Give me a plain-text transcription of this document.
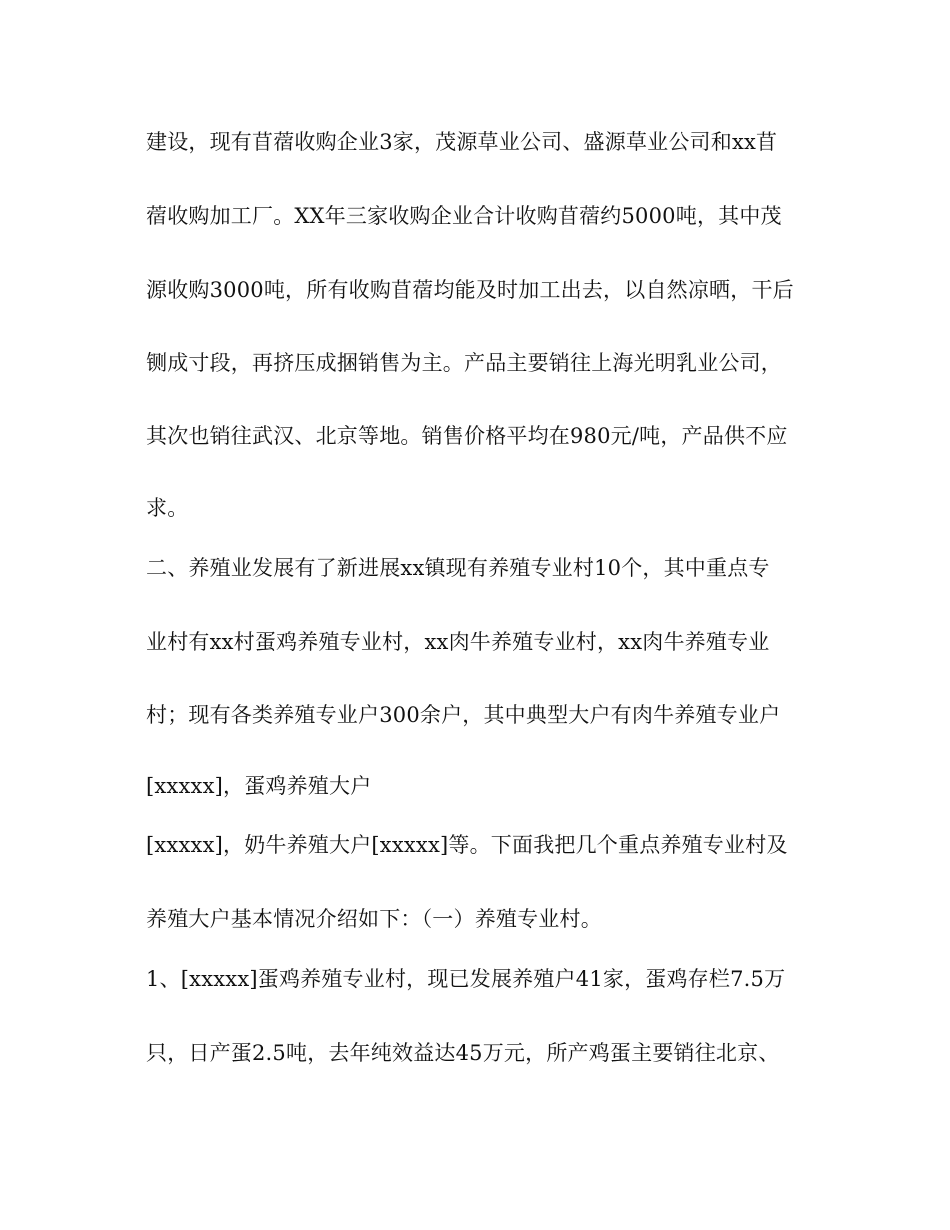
建设，现有苜蓿收购企业3家，茂源草业公司、盛源草业公司和xx苜
蓿收购加工厂。XX年三家收购企业合计收购苜蓿约5000吨，其中茂
源收购3000吨，所有收购苜蓿均能及时加工出去，以自然凉晒，干后
铡成寸段，再挤压成捆销售为主。产品主要销往上海光明乳业公司，
其次也销往武汉、北京等地。销售价格平均在980元/吨，产品供不应
求。
二、养殖业发展有了新进展xx镇现有养殖专业村10个，其中重点专
业村有xx村蛋鸡养殖专业村，xx肉牛养殖专业村，xx肉牛养殖专业
村；现有各类养殖专业户300余户，其中典型大户有肉牛养殖专业户
[xxxxx]，蛋鸡养殖大户
[xxxxx]，奶牛养殖大户[xxxxx]等。下面我把几个重点养殖专业村及
养殖大户基本情况介绍如下：（一）养殖专业村。
1、[xxxxx]蛋鸡养殖专业村，现已发展养殖户41家，蛋鸡存栏7.5万
只，日产蛋2.5吨，去年纯效益达45万元，所产鸡蛋主要销往北京、
